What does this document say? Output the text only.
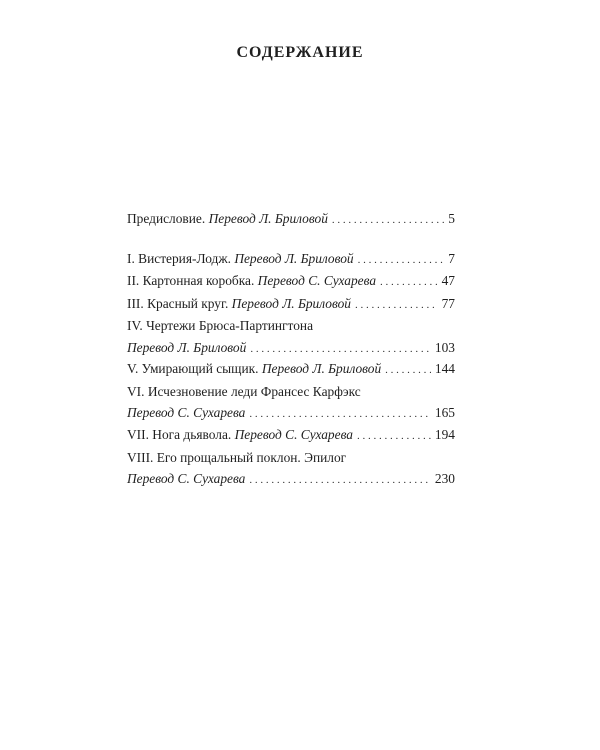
СОДЕРЖАНИЕ
Предисловие.
Перевод Л. Бриловой . . .	5
I. Вистерия-Лодж.
Перевод Л. Бриловой . . .	7
II. Картонная коробка.
Перевод С. Сухарева . . .	47
III. Красный круг.
Перевод Л. Бриловой . . .	77
IV. Чертежи Брюса-Партингтона
Перевод Л. Бриловой . . .	103
V. Умирающий сыщик.
Перевод Л. Бриловой . . .	144
VI. Исчезновение леди Франсес Карфэкс
Перевод С. Сухарева . . .	165
VII. Нога дьявола.
Перевод С. Сухарева . . .	194
VIII. Его прощальный поклон. Эпилог
Перевод С. Сухарева . . .	230
